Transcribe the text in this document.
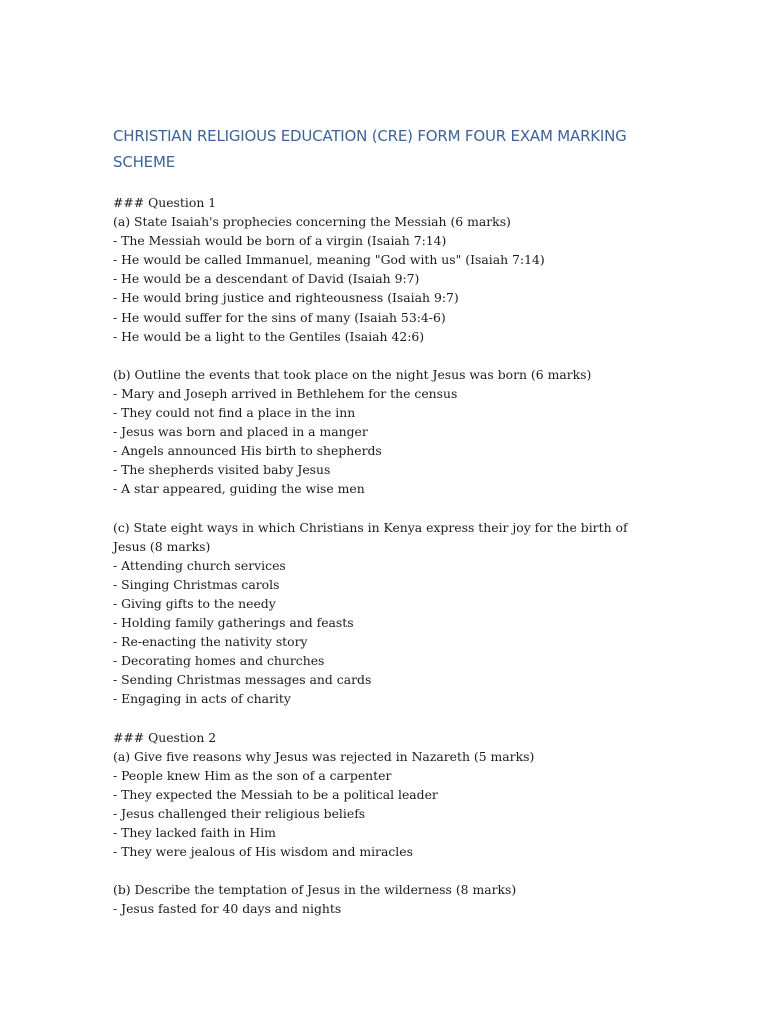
CHRISTIAN RELIGIOUS EDUCATION (CRE) FORM FOUR EXAM MARKING SCHEME
### Question 1
(a) State Isaiah's prophecies concerning the Messiah (6 marks)
- The Messiah would be born of a virgin (Isaiah 7:14)
- He would be called Immanuel, meaning "God with us" (Isaiah 7:14)
- He would be a descendant of David (Isaiah 9:7)
- He would bring justice and righteousness (Isaiah 9:7)
- He would suffer for the sins of many (Isaiah 53:4-6)
- He would be a light to the Gentiles (Isaiah 42:6)
(b) Outline the events that took place on the night Jesus was born (6 marks)
- Mary and Joseph arrived in Bethlehem for the census
- They could not find a place in the inn
- Jesus was born and placed in a manger
- Angels announced His birth to shepherds
- The shepherds visited baby Jesus
- A star appeared, guiding the wise men
(c) State eight ways in which Christians in Kenya express their joy for the birth of Jesus (8 marks)
- Attending church services
- Singing Christmas carols
- Giving gifts to the needy
- Holding family gatherings and feasts
- Re-enacting the nativity story
- Decorating homes and churches
- Sending Christmas messages and cards
- Engaging in acts of charity
### Question 2
(a) Give five reasons why Jesus was rejected in Nazareth (5 marks)
- People knew Him as the son of a carpenter
- They expected the Messiah to be a political leader
- Jesus challenged their religious beliefs
- They lacked faith in Him
- They were jealous of His wisdom and miracles
(b) Describe the temptation of Jesus in the wilderness (8 marks)
- Jesus fasted for 40 days and nights
